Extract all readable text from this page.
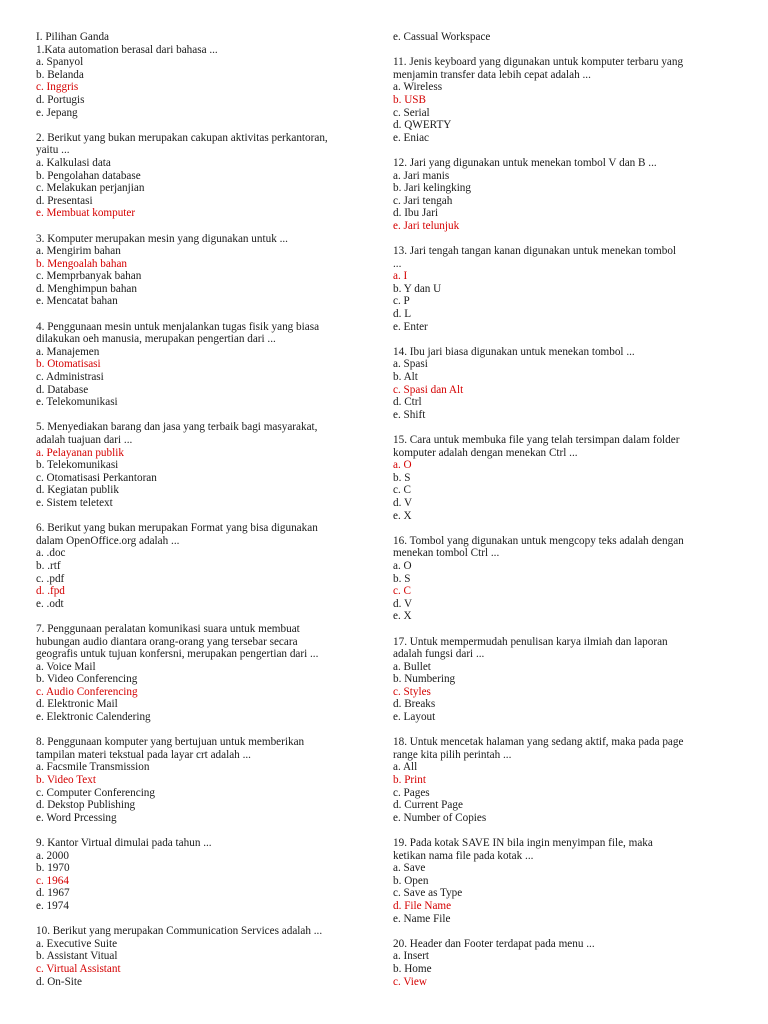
I. Pilihan Ganda

1.Kata automation berasal dari bahasa ...

a. Spanyol

b. Belanda

c. Inggris

d. Portugis

e. Jepang

2. Berikut yang bukan merupakan cakupan aktivitas perkantoran,

yaitu ...

a. Kalkulasi data

b. Pengolahan database

c. Melakukan perjanjian

d. Presentasi

e. Membuat komputer

3. Komputer merupakan mesin yang digunakan untuk ...

a. Mengirim bahan

b. Mengoalah bahan

c. Memprbanyak bahan

d. Menghimpun bahan

e. Mencatat bahan

4. Penggunaan mesin untuk menjalankan tugas fisik yang biasa

dilakukan oeh manusia, merupakan pengertian dari ...

a. Manajemen

b. Otomatisasi

c. Administrasi

d. Database

e. Telekomunikasi

5. Menyediakan barang dan jasa yang terbaik bagi masyarakat,

adalah tuajuan dari ...

a. Pelayanan publik

b. Telekomunikasi

c. Otomatisasi Perkantoran

d. Kegiatan publik

e. Sistem teletext

6. Berikut yang bukan merupakan Format yang bisa digunakan

dalam OpenOffice.org adalah ...

a. .doc

b. .rtf

c. .pdf

d. .fpd

e. .odt

7. Penggunaan peralatan komunikasi suara untuk membuat

hubungan audio diantara orang-orang yang tersebar secara

geografis untuk tujuan konfersni, merupakan pengertian dari ...

a. Voice Mail

b. Video Conferencing

c. Audio Conferencing

d. Elektronic Mail

e. Elektronic Calendering

8. Penggunaan komputer yang bertujuan untuk memberikan

tampilan materi tekstual pada layar crt adalah ...

a. Facsmile Transmission

b. Video Text

c. Computer Conferencing

d. Dekstop Publishing

e. Word Prcessing

9. Kantor Virtual dimulai pada tahun ...

a. 2000

b. 1970

c. 1964

d. 1967

e. 1974

10. Berikut yang merupakan Communication Services adalah ...

a. Executive Suite

b. Assistant Vitual

c. Virtual Assistant

d. On-Site

e. Cassual Workspace

11. Jenis keyboard yang digunakan untuk komputer terbaru yang

menjamin transfer data lebih cepat adalah ...

a. Wireless

b. USB

c. Serial

d. QWERTY

e. Eniac

12. Jari yang digunakan untuk menekan tombol V dan B ...

a. Jari manis

b. Jari kelingking

c. Jari tengah

d. Ibu Jari

e. Jari telunjuk

13. Jari tengah tangan kanan digunakan untuk menekan tombol

...

a. I

b. Y dan U

c. P

d. L

e. Enter

14. Ibu jari biasa digunakan untuk menekan tombol ...

a. Spasi

b. Alt

c. Spasi dan Alt

d. Ctrl

e. Shift

15. Cara untuk membuka file yang telah tersimpan dalam folder

komputer adalah dengan menekan Ctrl ...

a. O

b. S

c. C

d. V

e. X

16. Tombol yang digunakan untuk mengcopy teks adalah dengan

menekan tombol Ctrl ...

a. O

b. S

c. C

d. V

e. X

17. Untuk mempermudah penulisan karya ilmiah dan laporan

adalah fungsi dari ...

a. Bullet

b. Numbering

c. Styles

d. Breaks

e. Layout

18. Untuk mencetak halaman yang sedang aktif, maka pada page

range kita pilih perintah ...

a. All

b. Print

c. Pages

d. Current Page

e. Number of Copies

19. Pada kotak SAVE IN bila ingin menyimpan file, maka

ketikan nama file pada kotak ...

a. Save

b. Open

c. Save as Type

d. File Name

e. Name File

20. Header dan Footer terdapat pada menu ...

a. Insert

b. Home

c. View
